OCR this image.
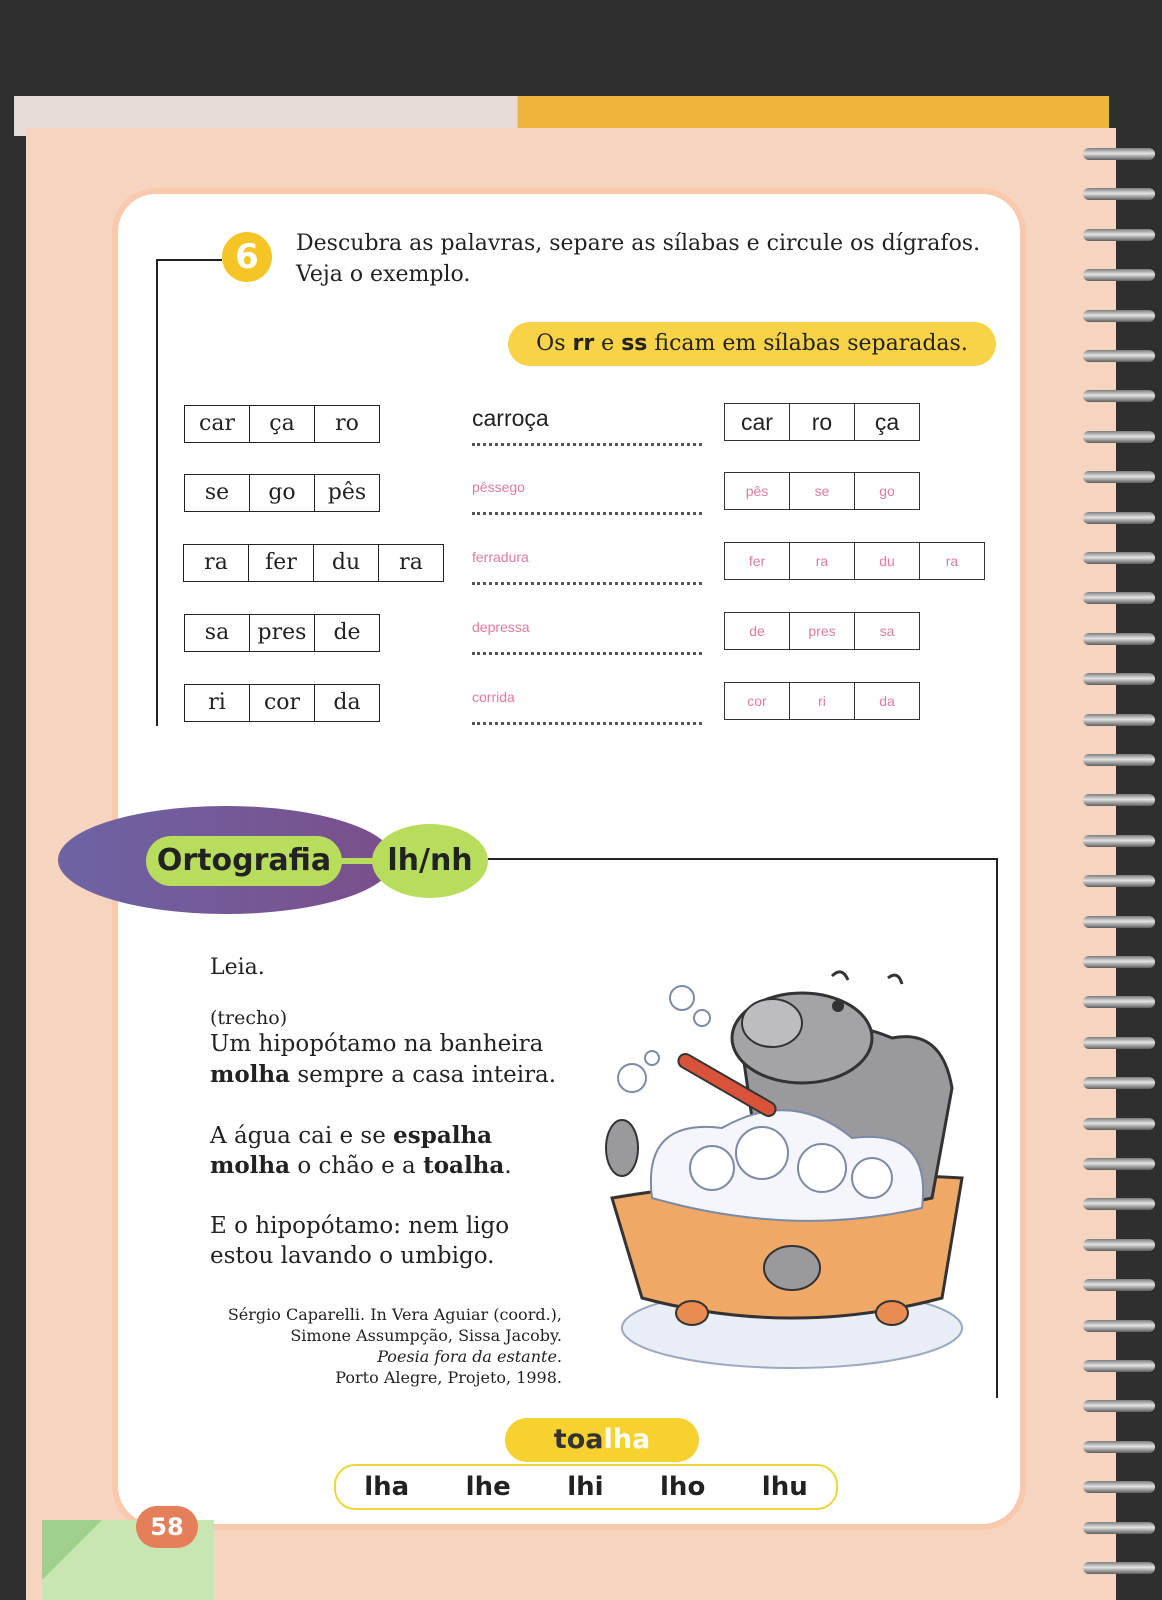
6	Descubra as palavras, separe as sílabas e circule os dígrafos.
Veja o exemplo.
Os rr e ss ficam em sílabas separadas.
car	ça	ro	carroça	car	ro	ça
se	go	pês	pêssego	pês	se	go
ra	fer	du	ra	ferradura	fer	ra	du	ra
sa	pres	de	depressa	de	pres	sa
ri	cor	da	corrida	cor	ri	da
Ortografia	lh/nh
Leia.
(trecho)
Um hipopótamo na banheira
molha sempre a casa inteira.
A água cai e se espalha
molha o chão e a toalha.
E o hipopótamo: nem ligo
estou lavando o umbigo.
Sérgio Caparelli. In Vera Aguiar (coord.),
Simone Assumpção, Sissa Jacoby.
Poesia fora da estante.
Porto Alegre, Projeto, 1998.
toalha
lha lhe lhi lho lhu
58
